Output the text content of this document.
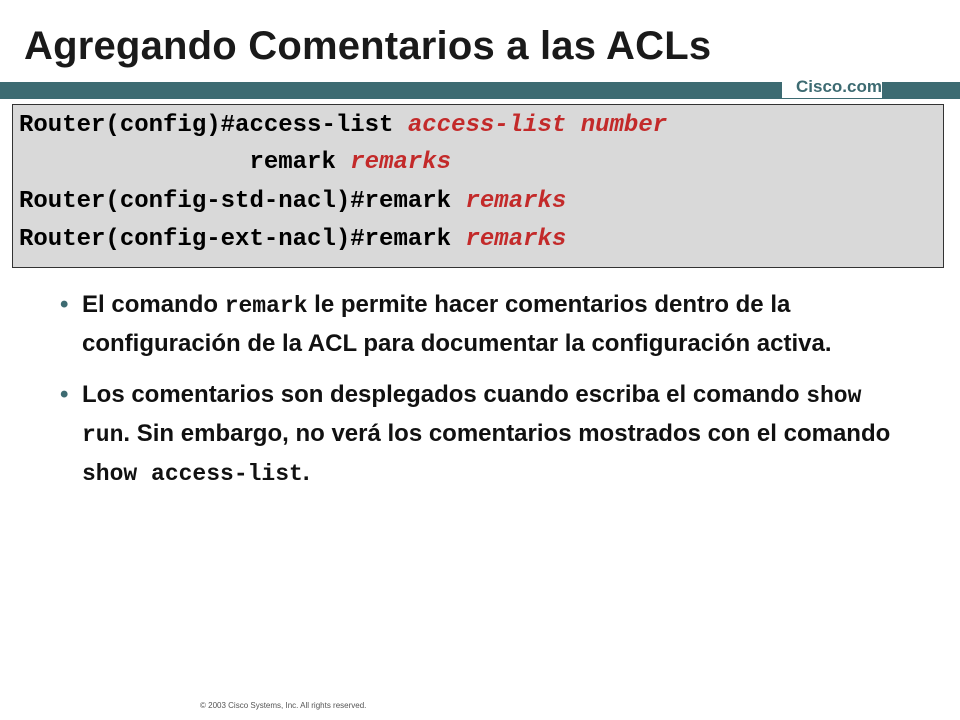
Agregando Comentarios a las ACLs
Cisco.com
Router(config)#access-list access-list number
remark remarks
Router(config-std-nacl)#remark remarks
Router(config-ext-nacl)#remark remarks
• El comando remark le permite hacer comentarios dentro de la configuración de la ACL para documentar la configuración activa.
• Los comentarios son desplegados cuando escriba el comando show run. Sin embargo, no verá los comentarios mostrados con el comando show access-list.
© 2003 Cisco Systems, Inc. All rights reserved.
